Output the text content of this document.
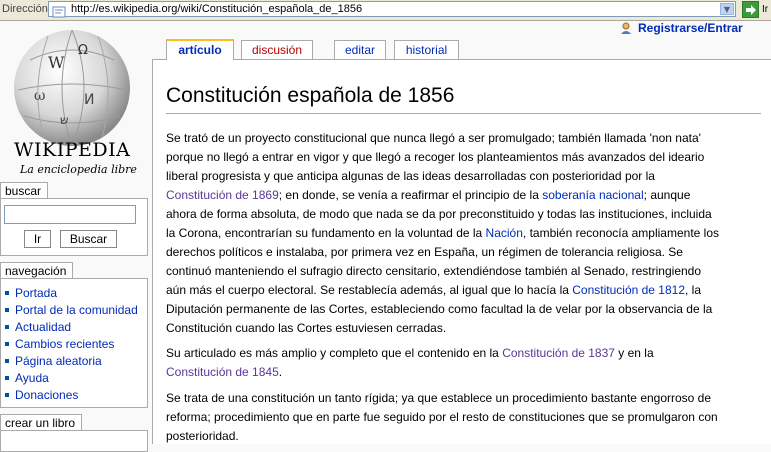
Dirección http://es.wikipedia.org/wiki/Constitución_española_de_1856	▼	Ir
W
Ω
ω	И
ש
WIKIPEDIA
La enciclopedia libre
buscar
Ir	Buscar
navegación
Portada
Portal de la comunidad
Actualidad
Cambios recientes
Página aleatoria
Ayuda
Donaciones
crear un libro
Registrarse/Entrar
artículo	discusión	editar	historial
Constitución española de 1856

Se trató de un proyecto constitucional que nunca llegó a ser promulgado; también llamada 'non nata'
porque no llegó a entrar en vigor y que llegó a recoger los planteamientos más avanzados del ideario
liberal progresista y que anticipa algunas de las ideas desarrolladas con posterioridad por la
Constitución de 1869; en donde, se venía a reafirmar el principio de la soberanía nacional; aunque
ahora de forma absoluta, de modo que nada se da por preconstituido y todas las instituciones, incluida
la Corona, encontrarían su fundamento en la voluntad de la Nación, también reconocía ampliamente los
derechos políticos e instalaba, por primera vez en España, un régimen de tolerancia religiosa. Se
continuó manteniendo el sufragio directo censitario, extendiéndose también al Senado, restringiendo
aún más el cuerpo electoral. Se restablecía además, al igual que lo hacía la Constitución de 1812, la
Diputación permanente de las Cortes, estableciendo como facultad la de velar por la observancia de la
Constitución cuando las Cortes estuviesen cerradas.

Su articulado es más amplio y completo que el contenido en la Constitución de 1837 y en la
Constitución de 1845.

Se trata de una constitución un tanto rígida; ya que establece un procedimiento bastante engorroso de
reforma; procedimiento que en parte fue seguido por el resto de constituciones que se promulgaron con
posterioridad.
